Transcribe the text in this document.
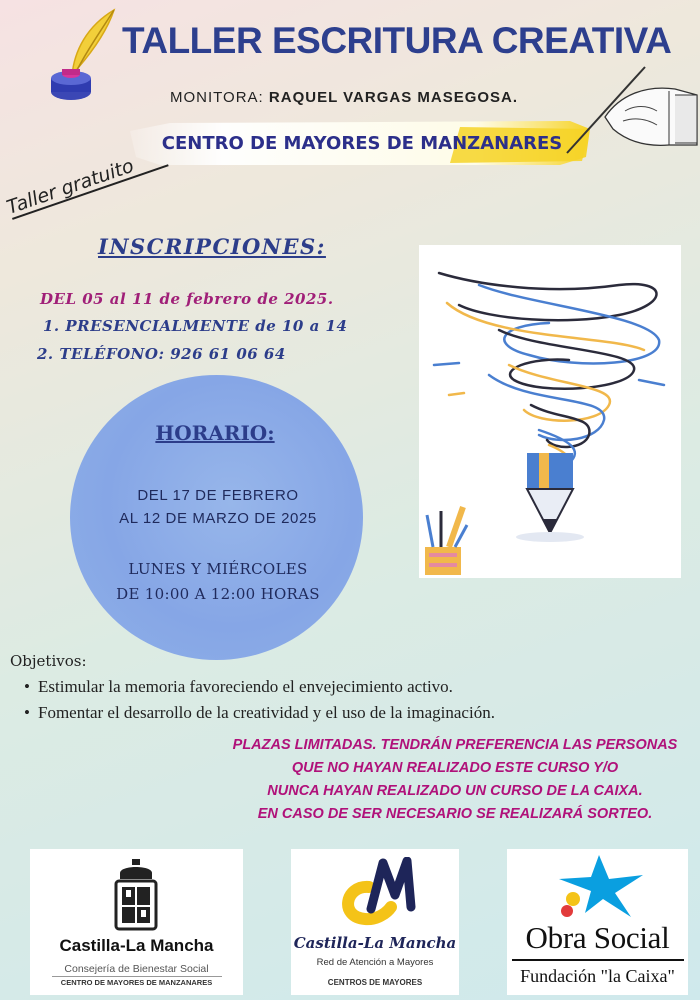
TALLER ESCRITURA CREATIVA
MONITORA: RAQUEL VARGAS MASEGOSA.
CENTRO DE MAYORES DE MANZANARES
Taller gratuito
INSCRIPCIONES:
DEL 05 al 11 de febrero de 2025.
1. PRESENCIALMENTE de 10 a 14
2. TELÉFONO: 926 61 06 64
HORARIO:
DEL 17 DE FEBRERO
AL 12 DE MARZO DE 2025
LUNES Y MIÉRCOLES
DE 10:00 A 12:00 HORAS
Objetivos:
• Estimular la memoria favoreciendo el envejecimiento activo.
• Fomentar el desarrollo de la creatividad y el uso de la imaginación.
PLAZAS LIMITADAS. TENDRÁN PREFERENCIA LAS PERSONAS
QUE NO HAYAN REALIZADO ESTE CURSO Y/O
NUNCA HAYAN REALIZADO UN CURSO DE LA CAIXA.
EN CASO DE SER NECESARIO SE REALIZARÁ SORTEO.
Castilla-La Mancha
Consejería de Bienestar Social
CENTRO DE MAYORES DE MANZANARES
Castilla-La Mancha
Red de Atención a Mayores
CENTROS DE MAYORES
Obra Social
Fundación "la Caixa"
